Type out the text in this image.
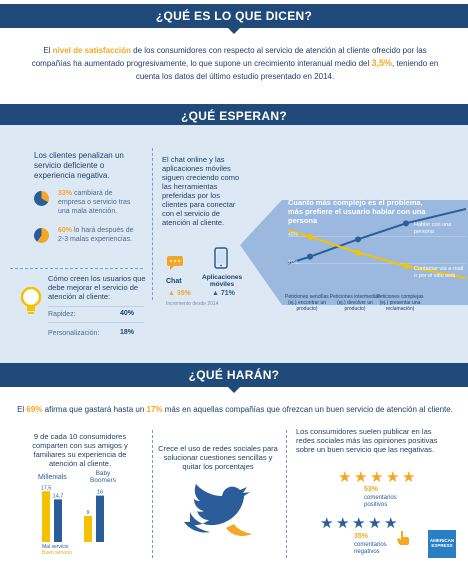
¿QUÉ ES LO QUE DICEN?
El nivel de satisfacción de los consumidores con respecto al servicio de atención al cliente ofrecido por las compañías ha aumentado progresivamente, lo que supone un crecimiento interanual medio del 3,5%, teniendo en cuenta los datos del último estudio presentado en 2014.
¿QUÉ ESPERAN?
Los clientes penalizan un servicio deficiente o experiencia negativa.
33% cambiará de empresa o servicio tras una mala atención.
60% lo hará después de 2-3 malas experiencias.
Cómo creen los usuarios que debe mejorar el servicio de atención al cliente:
Rapidez:	40%
Personalización:	18%
El chat online y las aplicaciones móviles siguen creciendo como las herramientas preferidas por los clientes para conectar con el servicio de atención al cliente.
Chat
Aplicaciones móviles
▲ 35%	▲ 71%
Incremento desde 2014
Cuanto más complejo es el problema, más prefiere el usuario hablar con una persona
40%
20%
Hablar con una persona
Contactar vía e-mail o por el sitio web
Peticiones sencillas (ej.) encontrar un producto)
Peticiones intermedias (ej.) devolver un producto)
Peticiones complejas (ej.) presentar una reclamación)
¿QUÉ HARÁN?
El 69% afirma que gastará hasta un 17% más en aquellas compañías que ofrezcan un buen servicio de atención al cliente.
9 de cada 10 consumidores comparten con sus amigos y familiares su experiencia de atención al cliente.
Millenials
Baby Boomers
17,5
14,7
9
16
Mal servicio
Buen servicio
Crece el uso de redes sociales para solucionar cuestiones sencillas y quitar los porcentajes
Los consumidores suelen publicar en las redes sociales más las opiniones positivas sobre un buen servicio que las negativas.
★ ★ ★ ★ ★
53%
comentarios positivos
★ ★ ★ ★ ★
35%
comentarios negativos
AMERICAN EXPRESS
